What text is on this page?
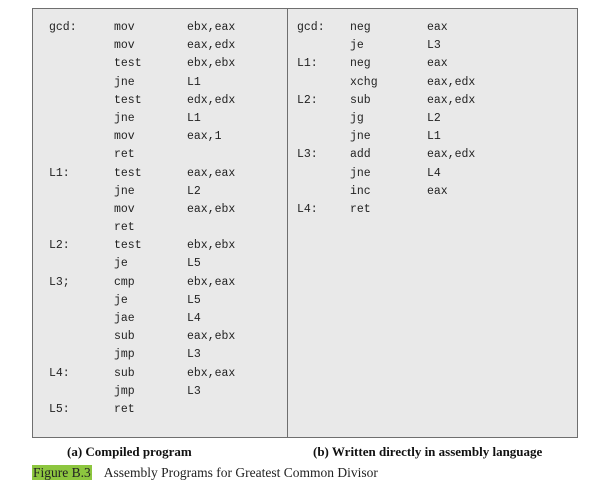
gcd:	mov	ebx,eax
mov	eax,edx
test	ebx,ebx
jne	L1
test	edx,edx
jne	L1
mov	eax,1
ret
L1:	test	eax,eax
jne	L2
mov	eax,ebx
ret
L2:	test	ebx,ebx
je	L5
L3;	cmp	ebx,eax
je	L5
jae	L4
sub	eax,ebx
jmp	L3
L4:	sub	ebx,eax
jmp	L3
L5:	ret
gcd: neg	eax
je	L3
L1:	neg	eax
xchg	eax,edx
L2:	sub	eax,edx
jg	L2
jne	L1
L3:	add	eax,edx
jne	L4
inc	eax
L4:	ret
(a) Compiled program	(b) Written directly in assembly language
Figure B.3 Assembly Programs for Greatest Common Divisor
